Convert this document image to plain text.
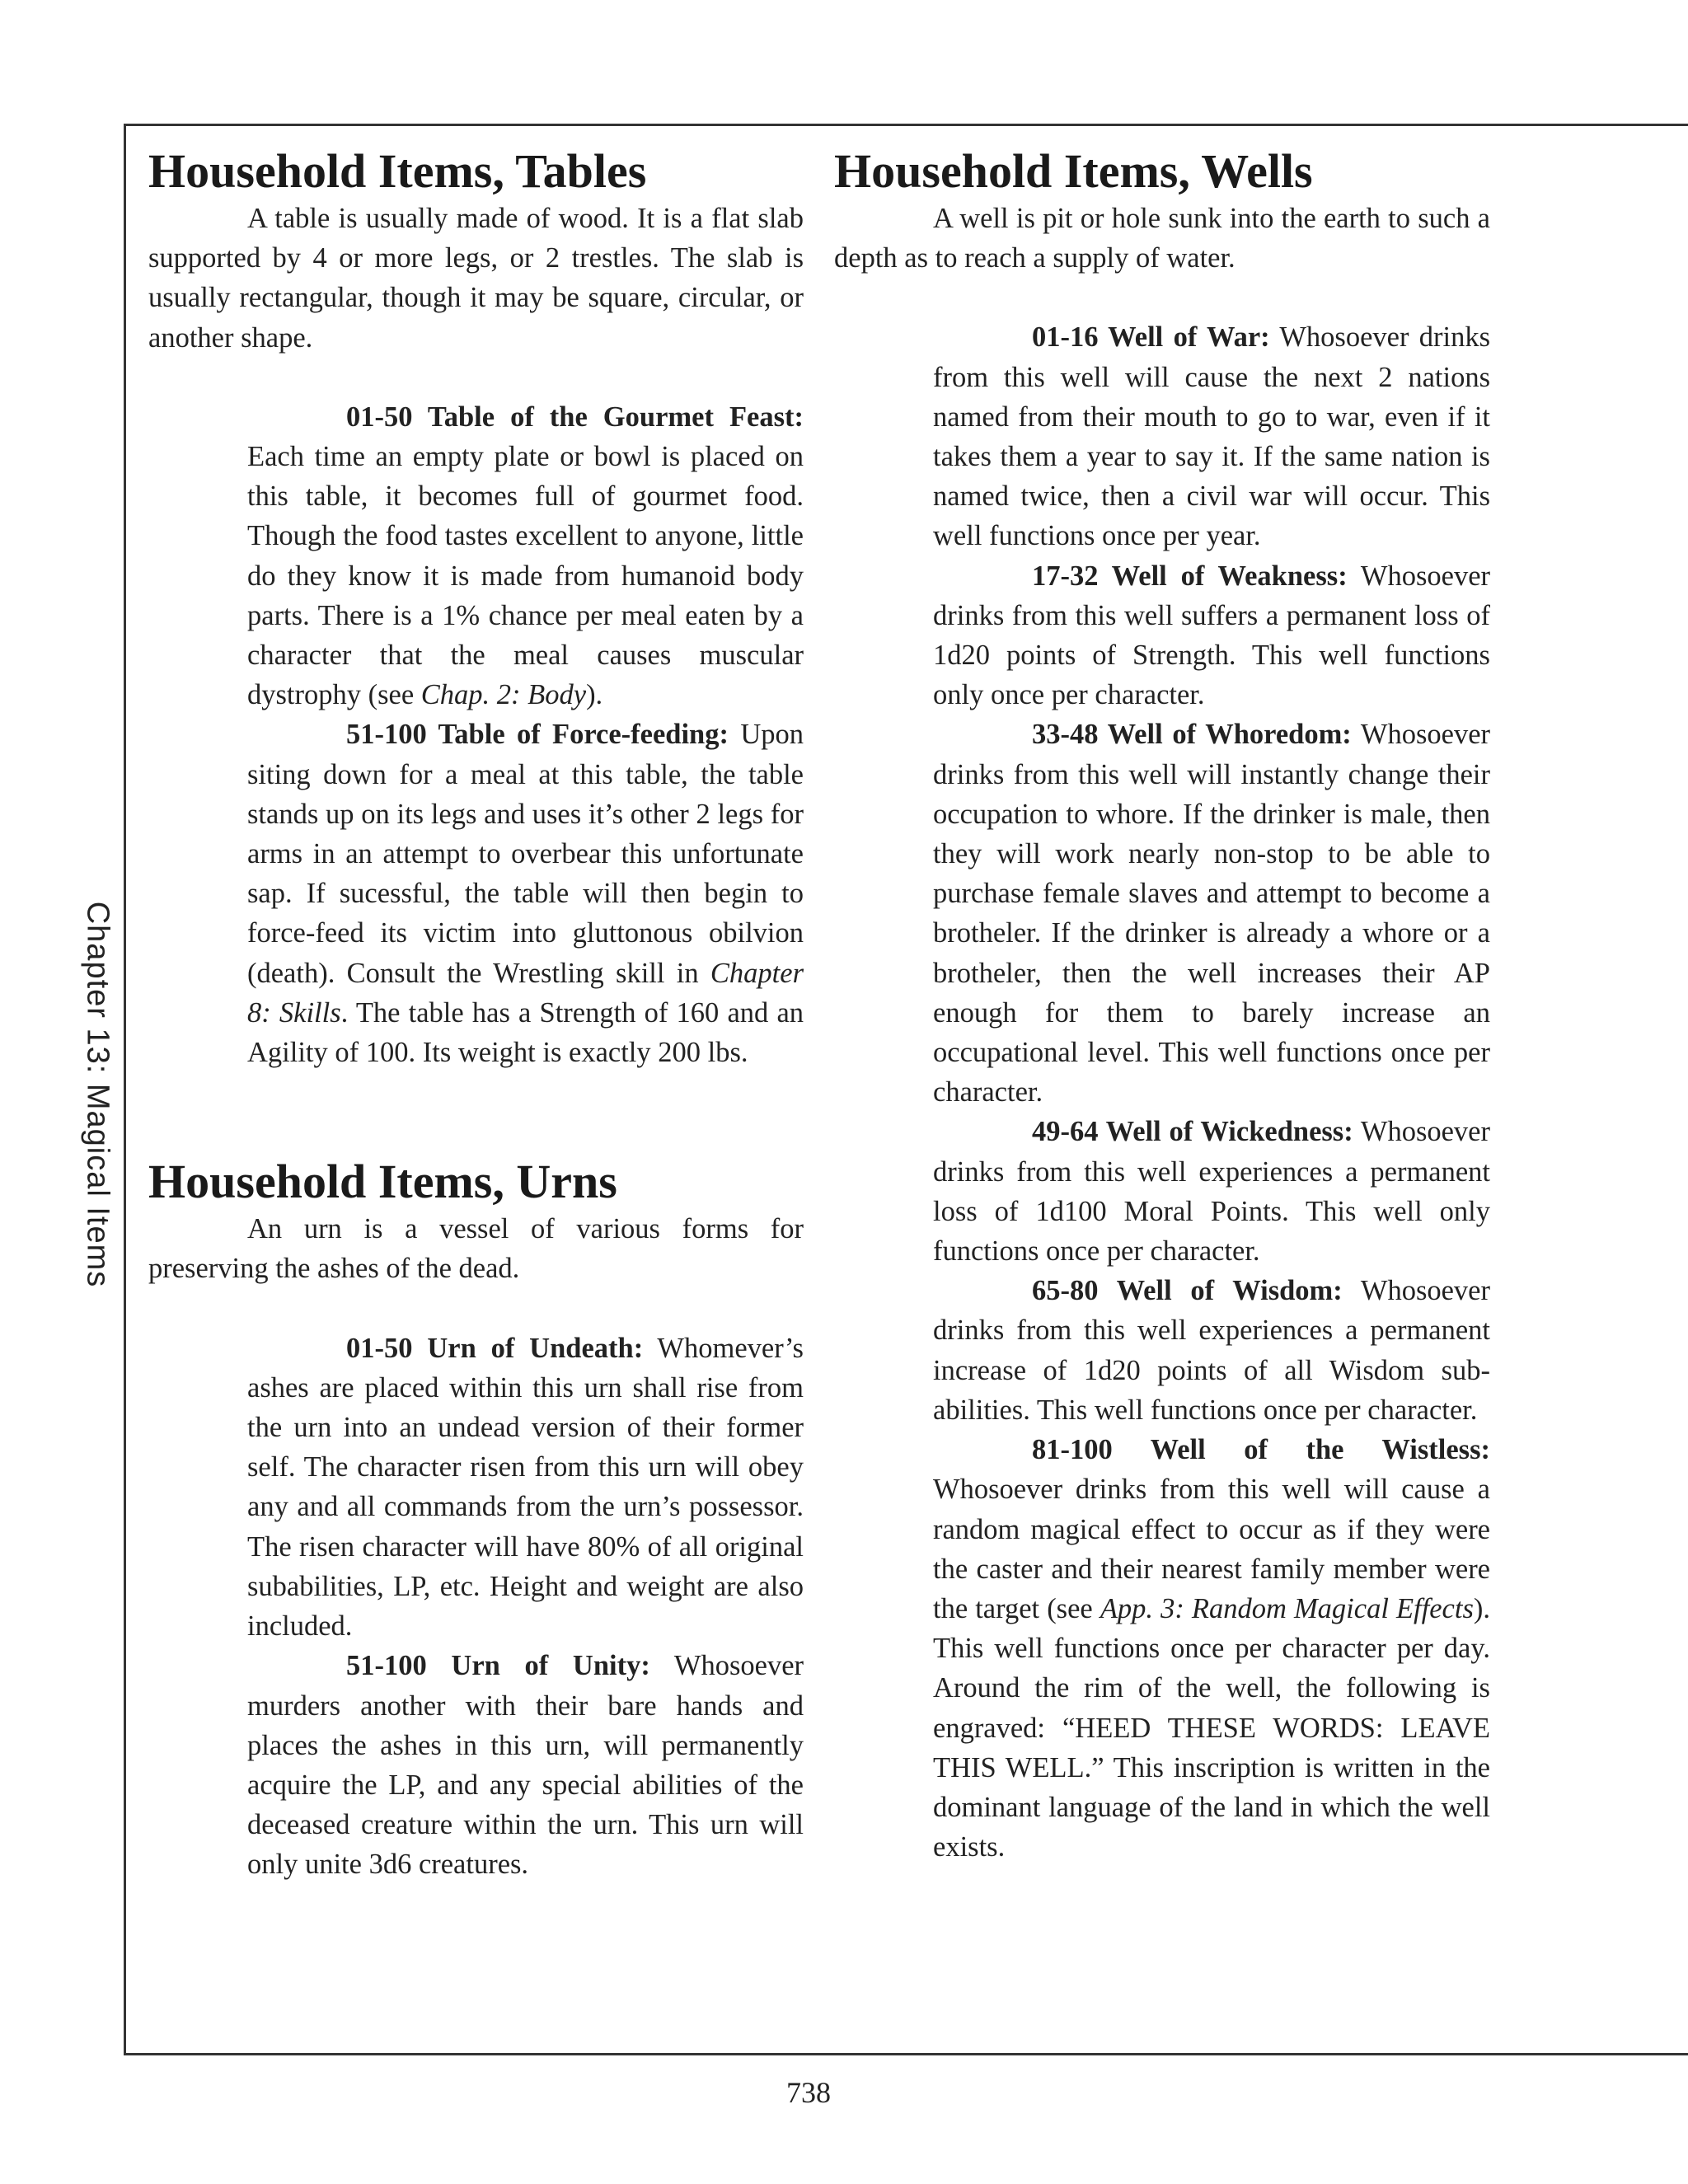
Chapter 13: Magical Items
Household Items, Tables

A table is usually made of wood. It is a flat slab supported by 4 or more legs, or 2 trestles. The slab is usually rectangular, though it may be square, circular, or another shape.

01-50 Table of the Gourmet Feast: Each time an empty plate or bowl is placed on this table, it becomes full of gourmet food. Though the food tastes excellent to anyone, little do they know it is made from humanoid body parts. There is a 1% chance per meal eaten by a character that the meal causes muscular dystrophy (see Chap. 2: Body).

51-100 Table of Force-feeding: Upon siting down for a meal at this table, the table stands up on its legs and uses it’s other 2 legs for arms in an attempt to overbear this unfortunate sap. If sucessful, the table will then begin to force-feed its victim into gluttonous obilvion (death). Consult the Wrestling skill in Chapter 8: Skills. The table has a Strength of 160 and an Agility of 100. Its weight is exactly 200 lbs.

Household Items, Urns

An urn is a vessel of various forms for preserving the ashes of the dead.

01-50 Urn of Undeath: Whomever’s ashes are placed within this urn shall rise from the urn into an undead version of their former self. The character risen from this urn will obey any and all commands from the urn’s possessor. The risen character will have 80% of all original subabilities, LP, etc. Height and weight are also included.

51-100 Urn of Unity: Whosoever murders another with their bare hands and places the ashes in this urn, will permanently acquire the LP, and any special abilities of the deceased creature within the urn. This urn will only unite 3d6 creatures.

Household Items, Wells

A well is pit or hole sunk into the earth to such a depth as to reach a supply of water.

01-16 Well of War: Whosoever drinks from this well will cause the next 2 nations named from their mouth to go to war, even if it takes them a year to say it. If the same nation is named twice, then a civil war will occur. This well functions once per year.

17-32 Well of Weakness: Whosoever drinks from this well suffers a permanent loss of 1d20 points of Strength. This well functions only once per character.

33-48 Well of Whoredom: Whosoever drinks from this well will instantly change their occupation to whore. If the drinker is male, then they will work nearly non-stop to be able to purchase female slaves and attempt to become a brotheler. If the drinker is already a whore or a brotheler, then the well increases their AP enough for them to barely increase an occupational level. This well functions once per character.

49-64 Well of Wickedness: Whosoever drinks from this well experiences a permanent loss of 1d100 Moral Points. This well only functions once per character.

65-80 Well of Wisdom: Whosoever drinks from this well experiences a permanent increase of 1d20 points of all Wisdom sub-abilities. This well functions once per character.

81-100 Well of the Wistless: Whosoever drinks from this well will cause a random magical effect to occur as if they were the caster and their nearest family member were the target (see App. 3: Random Magical Effects). This well functions once per character per day. Around the rim of the well, the following is engraved: “HEED THESE WORDS: LEAVE THIS WELL.” This inscription is written in the dominant language of the land in which the well exists.

738
